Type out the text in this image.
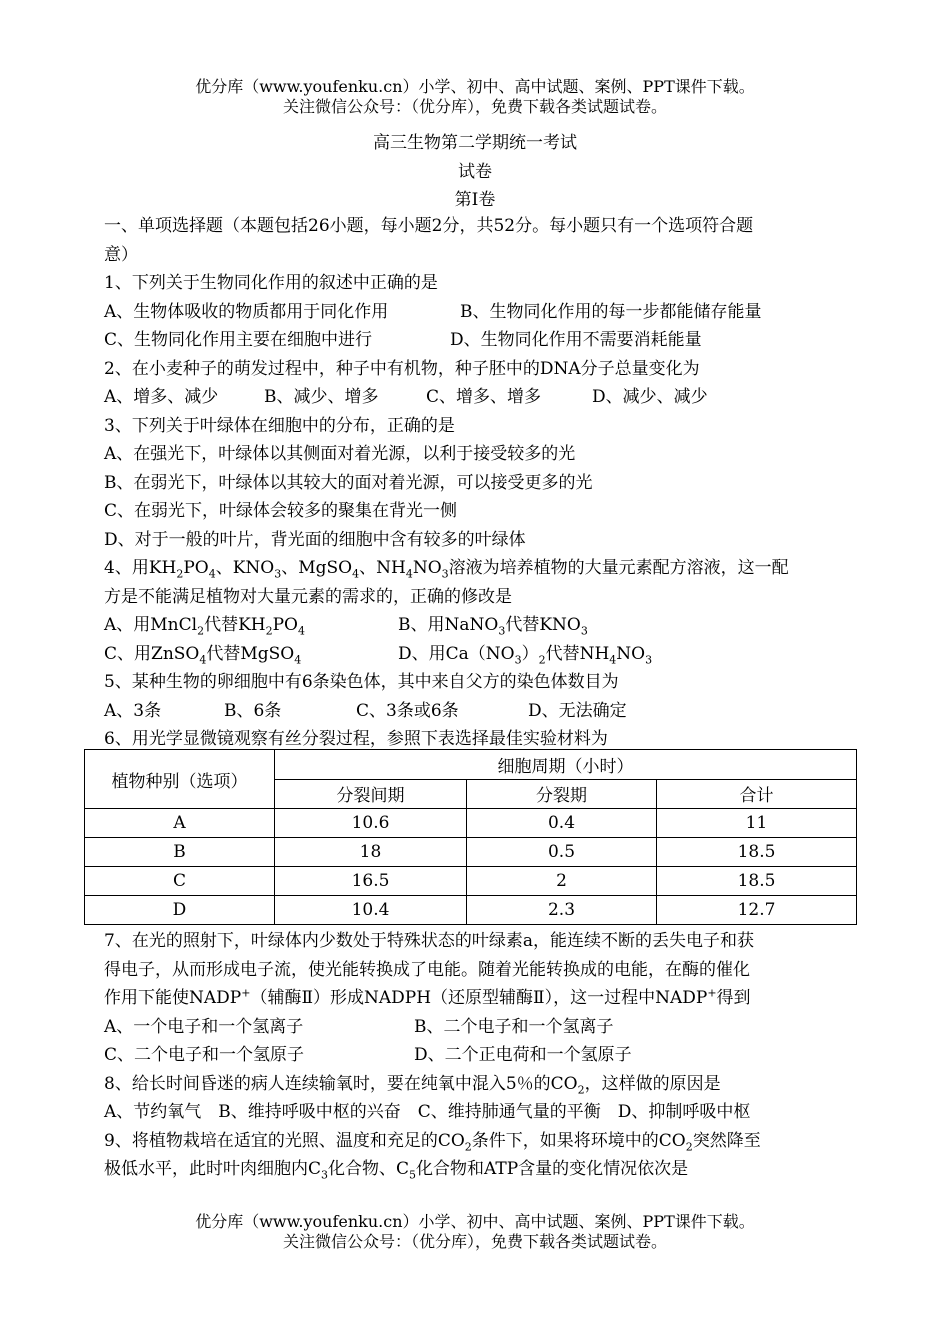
优分库（www.youfenku.cn）小学、初中、高中试题、案例、PPT课件下载。
关注微信公众号：（优分库），免费下载各类试题试卷。
高三生物第二学期统一考试
试卷
第Ⅰ卷
一、单项选择题（本题包括26小题，每小题2分，共52分。每小题只有一个选项符合题
意）
1、下列关于生物同化作用的叙述中正确的是
A、生物体吸收的物质都用于同化作用	B、生物同化作用的每一步都能储存能量
C、生物同化作用主要在细胞中进行	D、生物同化作用不需要消耗能量
2、在小麦种子的萌发过程中，种子中有机物，种子胚中的DNA分子总量变化为
A、增多、减少	B、减少、增多	C、增多、增多	D、减少、减少
3、下列关于叶绿体在细胞中的分布，正确的是
A、在强光下，叶绿体以其侧面对着光源，以利于接受较多的光
B、在弱光下，叶绿体以其较大的面对着光源，可以接受更多的光
C、在弱光下，叶绿体会较多的聚集在背光一侧
D、对于一般的叶片，背光面的细胞中含有较多的叶绿体
4、用$KH_2PO_4$、$KNO_3$、MgSO$_4$、$NH_4NO_3$溶液为培养植物的大量元素配方溶液，这一配
方是不能满足植物对大量元素的需求的，正确的修改是
A、用MnCl$_2$代替$KH_2PO_4$	B、用NaNO$_3$代替$KNO_3$
C、用ZnSO$_4$代替MgSO$_4$	D、用$Ca(NO_3)_2$代替$NH_4NO_3$
5、某种生物的卵细胞中有6条染色体，其中来自父方的染色体数目为
A、3条	B、6条	C、3条或6条	D、无法确定
6、用光学显微镜观察有丝分裂过程，参照下表选择最佳实验材料为
植物种别（选项）	细胞周期（小时）		
	分裂间期	分裂期	合计
A	10.6	0.4	11
B	18	0.5	18.5
C	16.5	2	18.5
D	10.4	2.3	12.7
7、在光的照射下，叶绿体内少数处于特殊状态的叶绿素a，能连续不断的丢失电子和获
得电子，从而形成电子流，使光能转换成了电能。随着光能转换成的电能，在酶的催化
作用下能使NADP+（辅酶Ⅱ）形成NADPH（还原型辅酶Ⅱ），这一过程中NADP+得到
A、一个电子和一个氢离子	B、二个电子和一个氢离子
C、二个电子和一个氢原子	D、二个正电荷和一个氢原子
8、给长时间昏迷的病人连续输氧时，要在纯氧中混入5％的$CO_2$，这样做的原因是
A、节约氧气　B、维持呼吸中枢的兴奋　C、维持肺通气量的平衡　D、抑制呼吸中枢
9、将植物栽培在适宜的光照、温度和充足的$CO_2$条件下，如果将环境中的$CO_2$突然降至
极低水平，此时叶肉细胞内$C_3$化合物、$C_5$化合物和ATP含量的变化情况依次是
优分库（www.youfenku.cn）小学、初中、高中试题、案例、PPT课件下载。
关注微信公众号：（优分库），免费下载各类试题试卷。
